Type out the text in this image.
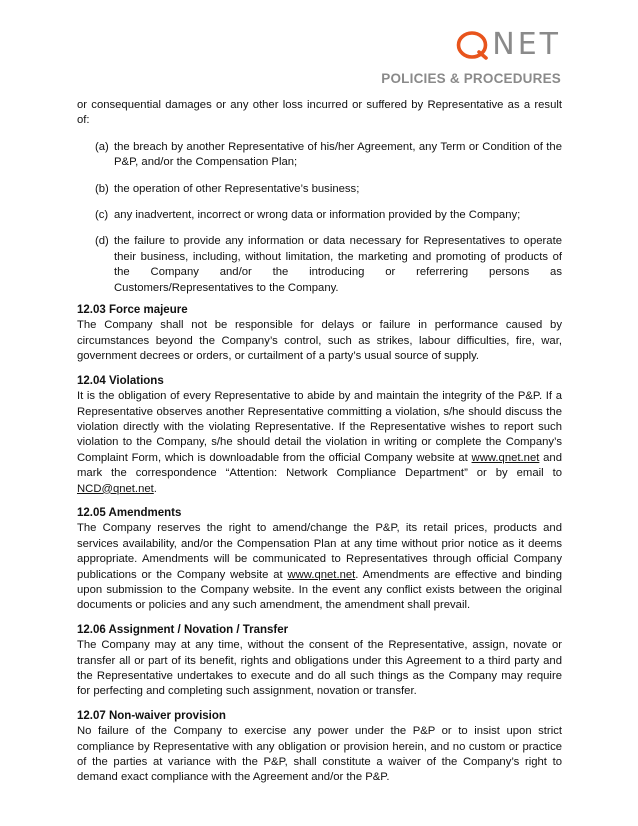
NET
POLICIES & PROCEDURES

or consequential damages or any other loss incurred or suffered by Representative as a result of:

(a) the breach by another Representative of his/her Agreement, any Term or Condition of the P&P, and/or the Compensation Plan;
(b) the operation of other Representative’s business;
(c) any inadvertent, incorrect or wrong data or information provided by the Company;
(d) the failure to provide any information or data necessary for Representatives to operate their business, including, without limitation, the marketing and promoting of products of the Company and/or the introducing or referrering persons as Customers/Representatives to the Company.
12.03 Force majeure

The Company shall not be responsible for delays or failure in performance caused by circumstances beyond the Company’s control, such as strikes, labour difficulties, fire, war, government decrees or orders, or curtailment of a party’s usual source of supply.

12.04 Violations

It is the obligation of every Representative to abide by and maintain the integrity of the P&P. If a Representative observes another Representative committing a violation, s/he should discuss the violation directly with the violating Representative. If the Representative wishes to report such violation to the Company, s/he should detail the violation in writing or complete the Company’s Complaint Form, which is downloadable from the official Company website at www.qnet.net and mark the correspondence “Attention: Network Compliance Department” or by email to NCD@qnet.net.

12.05 Amendments

The Company reserves the right to amend/change the P&P, its retail prices, products and services availability, and/or the Compensation Plan at any time without prior notice as it deems appropriate. Amendments will be communicated to Representatives through official Company publications or the Company website at www.qnet.net. Amendments are effective and binding upon submission to the Company website. In the event any conflict exists between the original documents or policies and any such amendment, the amendment shall prevail.

12.06 Assignment / Novation / Transfer

The Company may at any time, without the consent of the Representative, assign, novate or transfer all or part of its benefit, rights and obligations under this Agreement to a third party and the Representative undertakes to execute and do all such things as the Company may require for perfecting and completing such assignment, novation or transfer.

12.07 Non-waiver provision

No failure of the Company to exercise any power under the P&P or to insist upon strict compliance by Representative with any obligation or provision herein, and no custom or practice of the parties at variance with the P&P, shall constitute a waiver of the Company’s right to demand exact compliance with the Agreement and/or the P&P.
